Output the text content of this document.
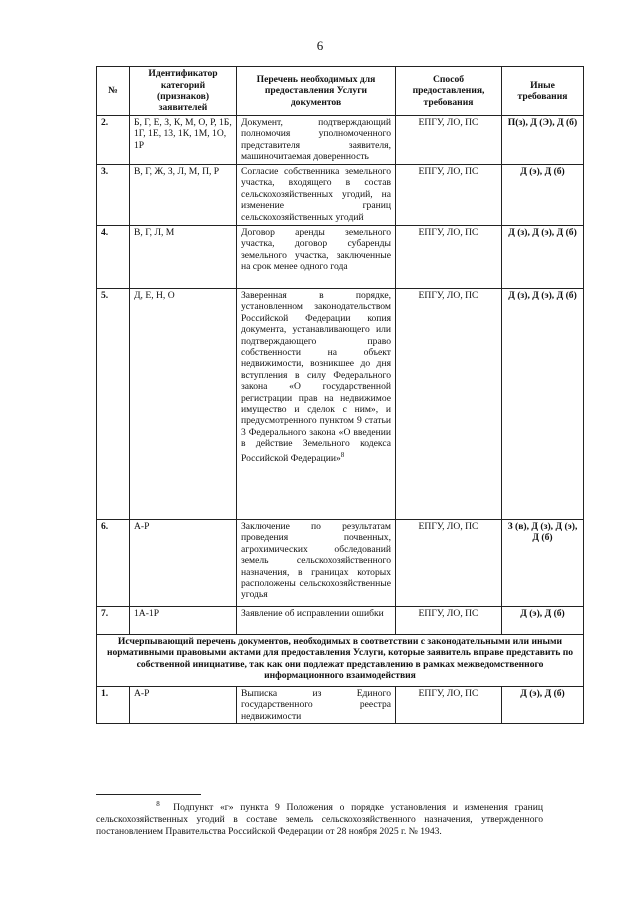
6
№	Идентификатор категорий (признаков) заявителей	Перечень необходимых для предоставления Услуги документов	Способ предоставления, требования	Иные требования
2.	Б, Г, Е, З, К, М, О, Р, 1Б, 1Г, 1Е, 13, 1К, 1М, 1О, 1Р	Документ, подтверждающий полномочия уполномоченного представителя заявителя, машиночитаемая доверенность	ЕПГУ, ЛО, ПС	П(з), Д (Э), Д (б)
3.	В, Г, Ж, З, Л, М, П, Р	Согласие собственника земельного участка, входящего в состав сельскохозяйственных угодий, на изменение границ сельскохозяйственных угодий	ЕПГУ, ЛО, ПС	Д (э), Д (б)
4.	В, Г, Л, М	Договор аренды земельного участка, договор субаренды земельного участка, заключенные на срок менее одного года	ЕПГУ, ЛО, ПС	Д (з), Д (э), Д (б)
5.	Д, Е, Н, О	Заверенная в порядке, установленном законодательством Российской Федерации копия документа, устанавливающего или подтверждающего право собственности на объект недвижимости, возникшее до дня вступления в силу Федерального закона «О государственной регистрации прав на недвижимое имущество и сделок с ним», и предусмотренного пунктом 9 статьи 3 Федерального закона «О введении в действие Земельного кодекса Российской Федерации»$^8$	ЕПГУ, ЛО, ПС	Д (з), Д (э), Д (б)
6.	А-Р	Заключение по результатам проведения почвенных, агрохимических обследований земель сельскохозяйственного назначения, в границах которых расположены сельскохозяйственные угодья	ЕПГУ, ЛО, ПС	З (в), Д (з), Д (э), Д (б)
7.	1А-1Р	Заявление об исправлении ошибки	ЕПГУ, ЛО, ПС	Д (э), Д (б)
Исчерпывающий перечень документов, необходимых в соответствии с законодательными или иными нормативными правовыми актами для предоставления Услуги, которые заявитель вправе представить по собственной инициативе, так как они подлежат представлению в рамках межведомственного информационного взаимодействия				
1.	А-Р	Выписка из Единого государственного реестра недвижимости	ЕПГУ, ЛО, ПС	Д (э), Д (б)
$^8$ Подпункт «г» пункта 9 Положения о порядке установления и изменения границ сельскохозяйственных угодий в составе земель сельскохозяйственного назначения, утвержденного постановлением Правительства Российской Федерации от 28 ноября 2025 г. № 1943.
